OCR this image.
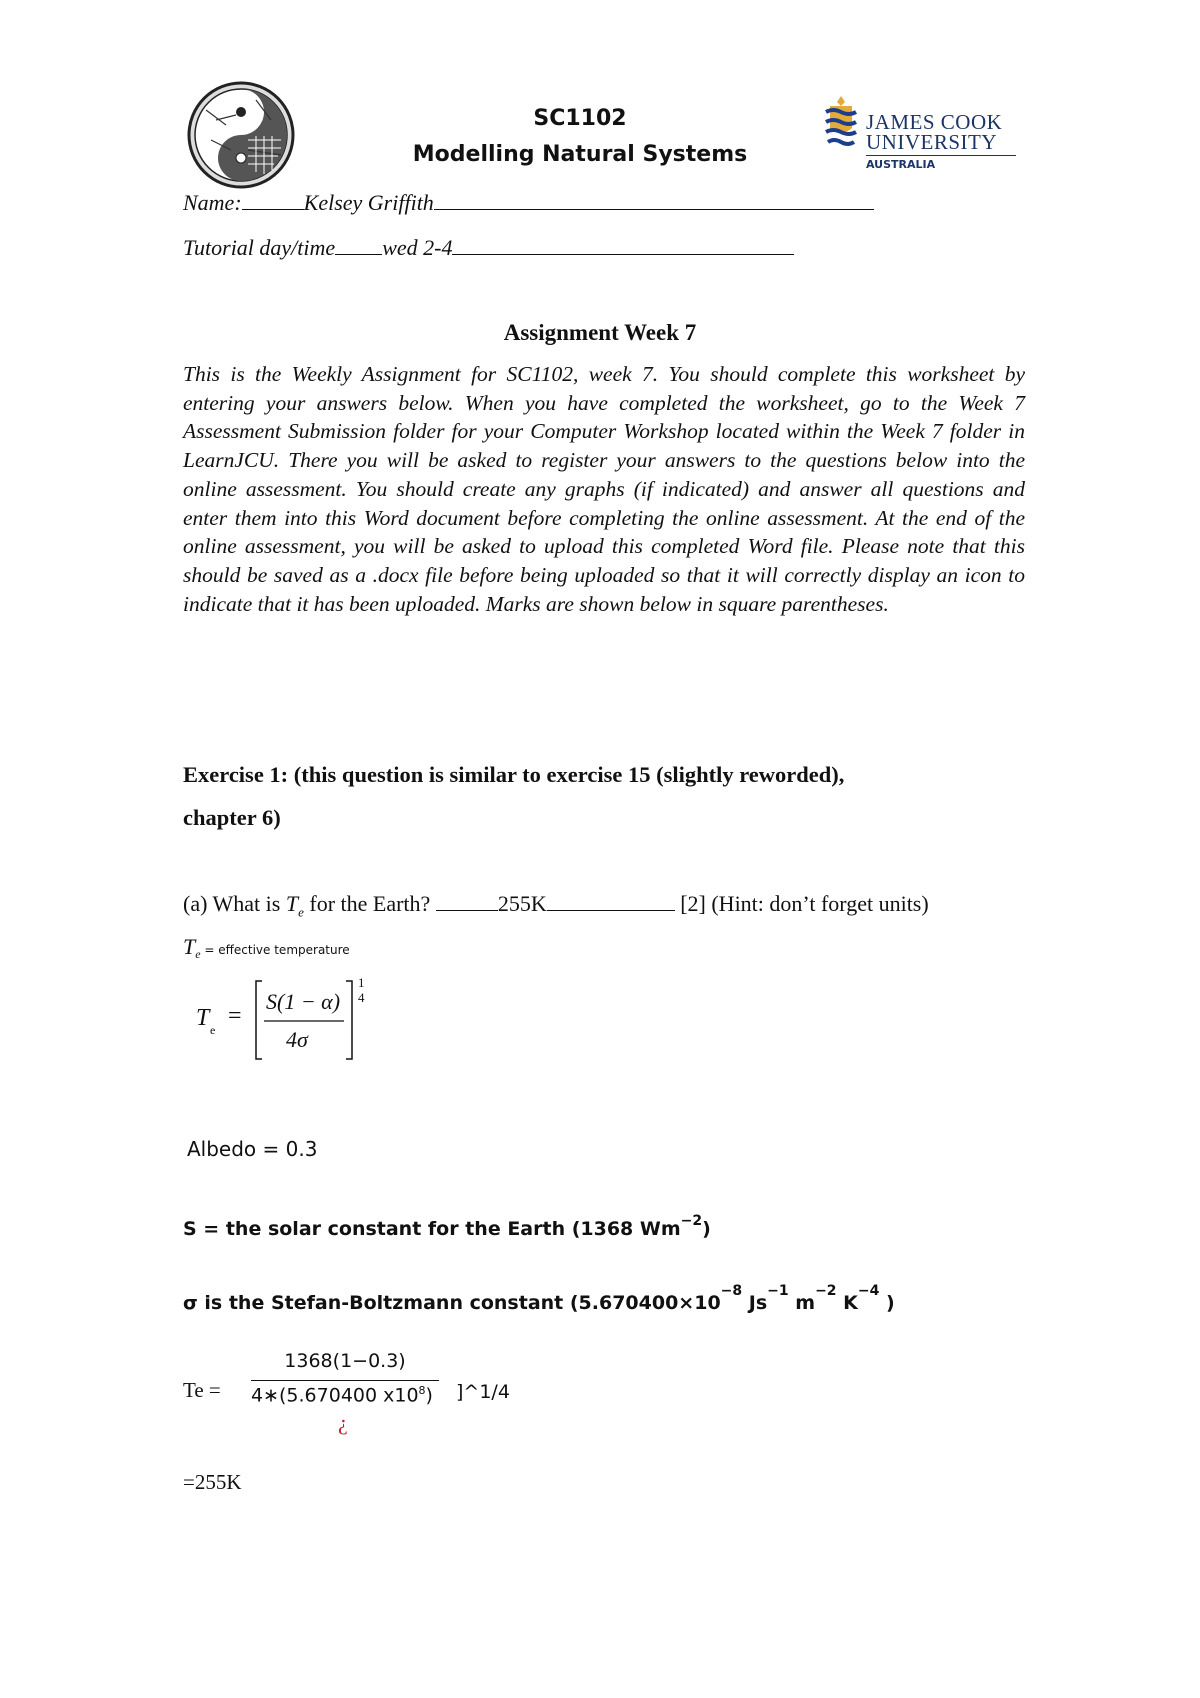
SC1102
Modelling Natural Systems
JAMES COOK
UNIVERSITY
AUSTRALIA
Name:	Kelsey Griffith
Tutorial day/time wed 2-4
Assignment Week 7
This is the Weekly Assignment for SC1102, week 7. You should complete this worksheet by entering your answers below. When you have completed the worksheet, go to the Week 7 Assessment Submission folder for your Computer Workshop located within the Week 7 folder in LearnJCU. There you will be asked to register your answers to the questions below into the online assessment. You should create any graphs (if indicated) and answer all questions and enter them into this Word document before completing the online assessment. At the end of the online assessment, you will be asked to upload this completed Word file. Please note that this should be saved as a .docx file before being uploaded so that it will correctly display an icon to indicate that it has been uploaded. Marks are shown below in square parentheses.
Exercise 1: (this question is similar to exercise 15 (slightly reworded),
chapter 6)
(a) What is $T_e$ for the Earth?	255K	[2] (Hint: don’t forget units)
$T_e$ = effective temperature
T e
=
S(1 − α)
4σ
1
4
Albedo = 0.3
S = the solar constant for the Earth (1368 $Wm^{-2}$)
σ is the Stefan-Boltzmann constant ($5.670400\times 10^{-8}$ $Js^{-1}$ $m^{-2}$ $K^{-4}$ )
Te =
1368(1−0.3)
4∗(5.670400 $x10^8$) ]^1/4
¿
=255K
